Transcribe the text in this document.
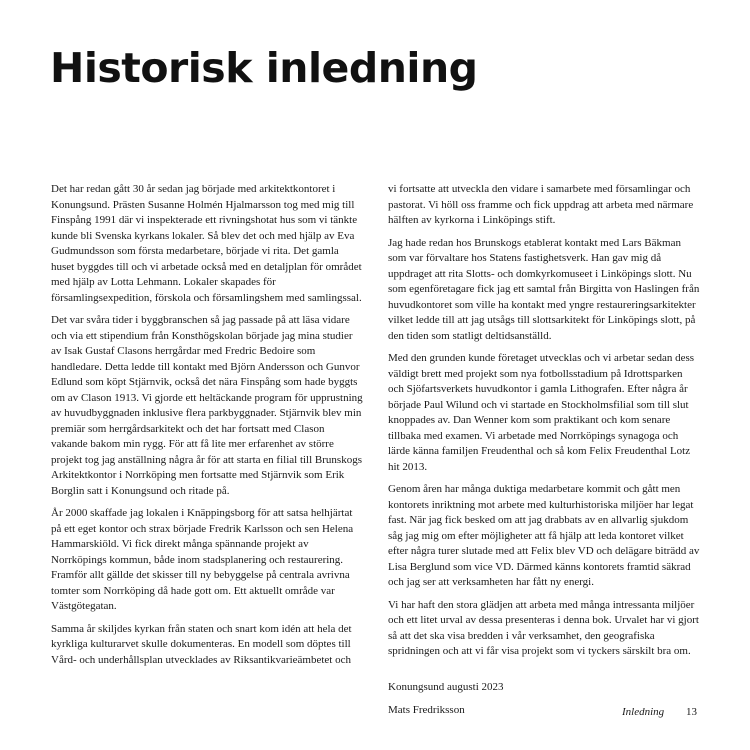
Historisk inledning

Det har redan gått 30 år sedan jag började med arkitektkontoret i Konungsund. Prästen Susanne Holmén Hjalmarsson tog med mig till Finspång 1991 där vi inspekterade ett rivningshotat hus som vi tänkte kunde bli Svenska kyrkans lokaler. Så blev det och med hjälp av Eva Gudmundsson som första medarbetare, började vi rita. Det gamla huset byggdes till och vi arbetade också med en detaljplan för området med hjälp av Lotta Lehmann. Lokaler skapades för församlingsexpedition, förskola och församlingshem med samlingssal.

Det var svåra tider i byggbranschen så jag passade på att läsa vidare och via ett stipendium från Konsthögskolan började jag mina studier av Isak Gustaf Clasons herrgårdar med Fredric Bedoire som handledare. Detta ledde till kontakt med Björn Andersson och Gunvor Edlund som köpt Stjärnvik, också det nära Finspång som hade byggts om av Clason 1913. Vi gjorde ett heltäckande program för upprustning av huvudbyggnaden inklusive flera parkbyggnader. Stjärnvik blev min premiär som herrgårdsarkitekt och det har fortsatt med Clason vakande bakom min rygg. För att få lite mer erfarenhet av större projekt tog jag anställning några år för att starta en filial till Brunskogs Arkitektkontor i Norrköping men fortsatte med Stjärnvik som Erik Borglin satt i Konungsund och ritade på.

År 2000 skaffade jag lokalen i Knäppingsborg för att satsa helhjärtat på ett eget kontor och strax började Fredrik Karlsson och sen Helena Hammarskiöld. Vi fick direkt många spännande projekt av Norrköpings kommun, både inom stadsplanering och restaurering. Framför allt gällde det skisser till ny bebyggelse på centrala avrivna tomter som Norrköping då hade gott om. Ett aktuellt område var Västgötegatan.

Samma år skiljdes kyrkan från staten och snart kom idén att hela det kyrkliga kulturarvet skulle dokumenteras. En modell som döptes till Vård- och underhållsplan utvecklades av Riksantikvarieämbetet och

vi fortsatte att utveckla den vidare i samarbete med församlingar och pastorat. Vi höll oss framme och fick uppdrag att arbeta med närmare hälften av kyrkorna i Linköpings stift.

Jag hade redan hos Brunskogs etablerat kontakt med Lars Bäkman som var förvaltare hos Statens fastighetsverk. Han gav mig då uppdraget att rita Slotts- och domkyrkomuseet i Linköpings slott. Nu som egenföretagare fick jag ett samtal från Birgitta von Haslingen från huvudkontoret som ville ha kontakt med yngre restaureringsarkitekter vilket ledde till att jag utsågs till slottsarkitekt för Linköpings slott, på den tiden som statligt deltidsanställd.

Med den grunden kunde företaget utvecklas och vi arbetar sedan dess väldigt brett med projekt som nya fotbollsstadium på Idrottsparken och Sjöfartsverkets huvudkontor i gamla Lithografen. Efter några år började Paul Wilund och vi startade en Stockholmsfilial som till slut knoppades av. Dan Wenner kom som praktikant och kom senare tillbaka med examen. Vi arbetade med Norrköpings synagoga och lärde känna familjen Freudenthal och så kom Felix Freudenthal Lotz hit 2013.

Genom åren har många duktiga medarbetare kommit och gått men kontorets inriktning mot arbete med kulturhistoriska miljöer har legat fast. När jag fick besked om att jag drabbats av en allvarlig sjukdom såg jag mig om efter möjligheter att få hjälp att leda kontoret vilket efter några turer slutade med att Felix blev VD och delägare biträdd av Lisa Berglund som vice VD. Därmed känns kontorets framtid säkrad och jag ser att verksamheten har fått ny energi.

Vi har haft den stora glädjen att arbeta med många intressanta miljöer och ett litet urval av dessa presenteras i denna bok. Urvalet har vi gjort så att det ska visa bredden i vår verksamhet, den geografiska spridningen och att vi får visa projekt som vi tyckers särskilt bra om.

Konungsund augusti 2023
Mats Fredriksson	Inledning 13
